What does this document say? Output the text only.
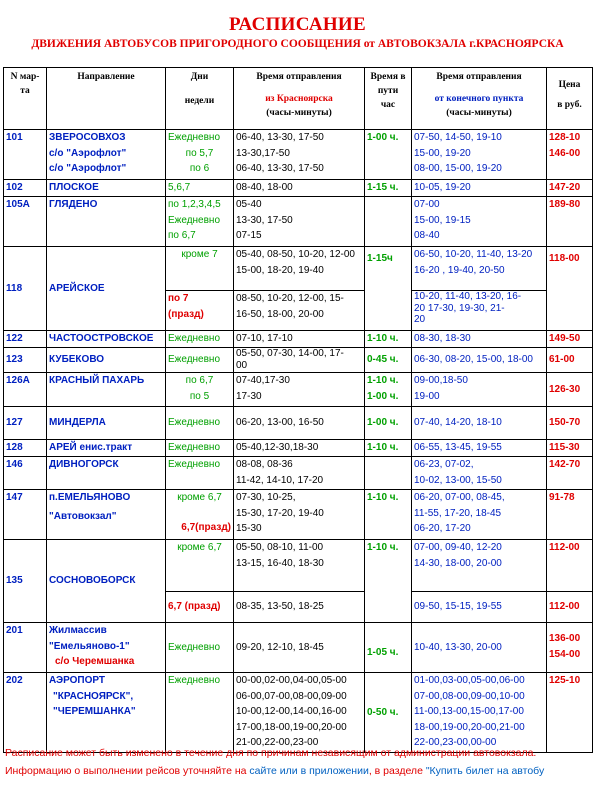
РАСПИСАНИЕ
ДВИЖЕНИЯ АВТОБУСОВ ПРИГОРОДНОГО СООБЩЕНИЯ от АВТОВОКЗАЛА г.КРАСНОЯРСКА
N мар-
та	Направление	Дни
недели	Время отправления
из Красноярска
(часы-минуты)	Время в
пути
час	Время отправления
от конечного пункта
(часы-минуты)	Цена
в руб.

101	ЗВЕРОСОВХОЗ
с/о "Аэрофлот"
с/о "Аэрофлот"	Ежедневно
по 5,7
по 6	06-40, 13-30, 17-50
13-30,17-50
06-40, 13-30, 17-50	1-00 ч.	07-50, 14-50, 19-10
15-00, 19-20
08-00, 15-00, 19-20	128-10
146-00

102	ПЛОСКОЕ	5,6,7	08-40, 18-00	1-15 ч.	10-05, 19-20	147-20
105А	ГЛЯДЕНО	по 1,2,3,4,5
Ежедневно
по 6,7	05-40
13-30, 17-50
07-15		07-00
15-00, 19-15
08-40	189-80
118	АРЕЙСКОЕ	кроме 7	05-40, 08-50, 10-20, 12-00
15-00, 18-20, 19-40	1-15ч	06-50, 10-20, 11-40, 13-20
16-20 , 19-40, 20-50	118-00

		по 7
(празд)	08-50, 10-20, 12-00, 15-
16-50, 18-00, 20-00		10-20, 11-40, 13-20, 16-
20 17-30, 19-30, 21-
20	

122	ЧАСТООСТРОВСКОЕ	Ежедневно	07-10, 17-10	1-10 ч.	08-30, 18-30	149-50
123	КУБЕКОВО	Ежедневно	05-50, 07-30, 14-00, 17-
00	0-45 ч.	06-30, 08-20, 15-00, 18-00	61-00
126А	КРАСНЫЙ ПАХАРЬ	по 6,7
по 5	07-40,17-30
17-30	1-10 ч.
1-00 ч.	09-00,18-50
19-00	126-30
127	МИНДЕРЛА	Ежедневно	06-20, 13-00, 16-50	1-00 ч.	07-40, 14-20, 18-10	150-70
128	АРЕЙ енис.тракт	Ежедневно	05-40,12-30,18-30	1-10 ч.	06-55, 13-45, 19-55	115-30
146	ДИВНОГОРСК	Ежедневно	08-08, 08-36
11-42, 14-10, 17-20		06-23, 07-02,
10-02, 13-00, 15-50	142-70
147	п.ЕМЕЛЬЯНОВО
"Автовокзал"	кроме 6,7
6,7(празд)	07-30, 10-25,
15-30, 17-20, 19-40
15-30	1-10 ч.	06-20, 07-00, 08-45,
11-55, 17-20, 18-45
06-20, 17-20	91-78
135	СОСНОВОБОРСК	кроме 6,7	05-50, 08-10, 11-00
13-15, 16-40, 18-30	1-10 ч.	07-00, 09-40, 12-20
14-30, 18-00, 20-00	112-00

		6,7 (празд)	08-35, 13-50, 18-25		09-50, 15-15, 19-55	112-00
201	Жилмассив
"Емельяново-1"
с/о Черемшанка	Ежедневно	09-20, 12-10, 18-45	1-05 ч.	10-40, 13-30, 20-00	136-00
154-00

202	АЭРОПОРТ
"КРАСНОЯРСК",
"ЧЕРЕМШАНКА"	Ежедневно	00-00,02-00,04-00,05-00
06-00,07-00,08-00,09-00
10-00,12-00,14-00,16-00
17-00,18-00,19-00,20-00
21-00,22-00,23-00	0-50 ч.	01-00,03-00,05-00,06-00
07-00,08-00,09-00,10-00
11-00,13-00,15-00,17-00
18-00,19-00,20-00,21-00
22-00,23-00,00-00	125-10
Расписание может быть изменено в течение дня по причинам независящим от администрации автовокзала.
Информацию о выполнении рейсов уточняйте на сайте или в приложении, в разделе "Купить билет на автобу
